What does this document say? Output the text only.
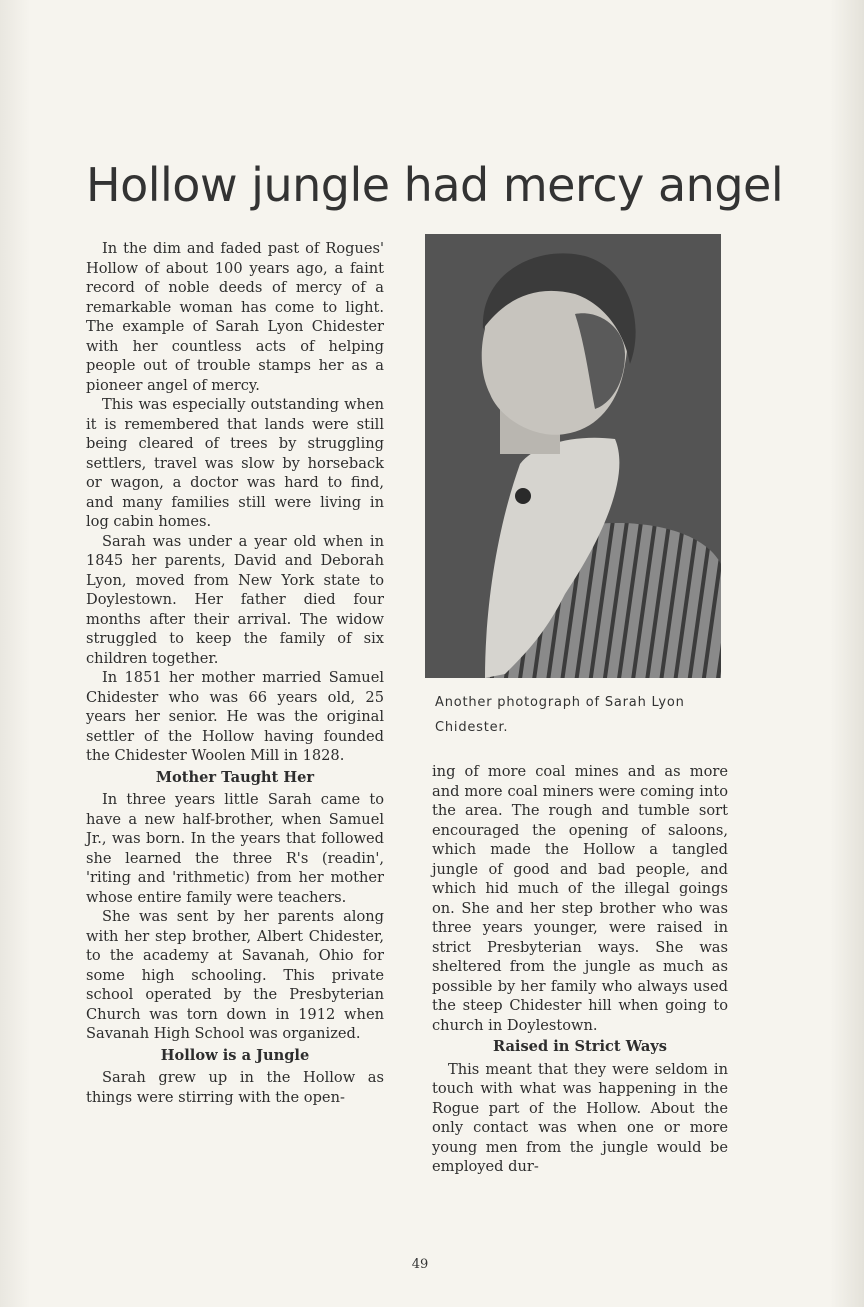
Hollow jungle had mercy angel

In the dim and faded past of Rogues' Hollow of about 100 years ago, a faint record of noble deeds of mercy of a remarkable woman has come to light. The example of Sarah Lyon Chidester with her countless acts of helping people out of trouble stamps her as a pioneer angel of mercy.

This was especially outstanding when it is remembered that lands were still being cleared of trees by struggling settlers, travel was slow by horseback or wagon, a doctor was hard to find, and many families still were living in log cabin homes.

Sarah was under a year old when in 1845 her parents, David and Deborah Lyon, moved from New York state to Doylestown. Her father died four months after their arrival. The widow struggled to keep the family of six children together.

In 1851 her mother married Samuel Chidester who was 66 years old, 25 years her senior. He was the original settler of the Hollow having founded the Chidester Woolen Mill in 1828.

Mother Taught Her

In three years little Sarah came to have a new half-brother, when Samuel Jr., was born. In the years that followed she learned the three R's (readin', 'riting and 'rithmetic) from her mother whose entire family were teachers.

She was sent by her parents along with her step brother, Albert Chidester, to the academy at Savanah, Ohio for some high schooling. This private school operated by the Presbyterian Church was torn down in 1912 when Savanah High School was organized.

Hollow is a Jungle

Sarah grew up in the Hollow as things were stirring with the open-

Another photograph of Sarah Lyon Chidester.

ing of more coal mines and as more and more coal miners were coming into the area. The rough and tumble sort encouraged the opening of saloons, which made the Hollow a tangled jungle of good and bad people, and which hid much of the illegal goings on. She and her step brother who was three years younger, were raised in strict Presbyterian ways. She was sheltered from the jungle as much as possible by her family who always used the steep Chidester hill when going to church in Doylestown.

Raised in Strict Ways

This meant that they were seldom in touch with what was happening in the Rogue part of the Hollow. About the only contact was when one or more young men from the jungle would be employed dur-

49
